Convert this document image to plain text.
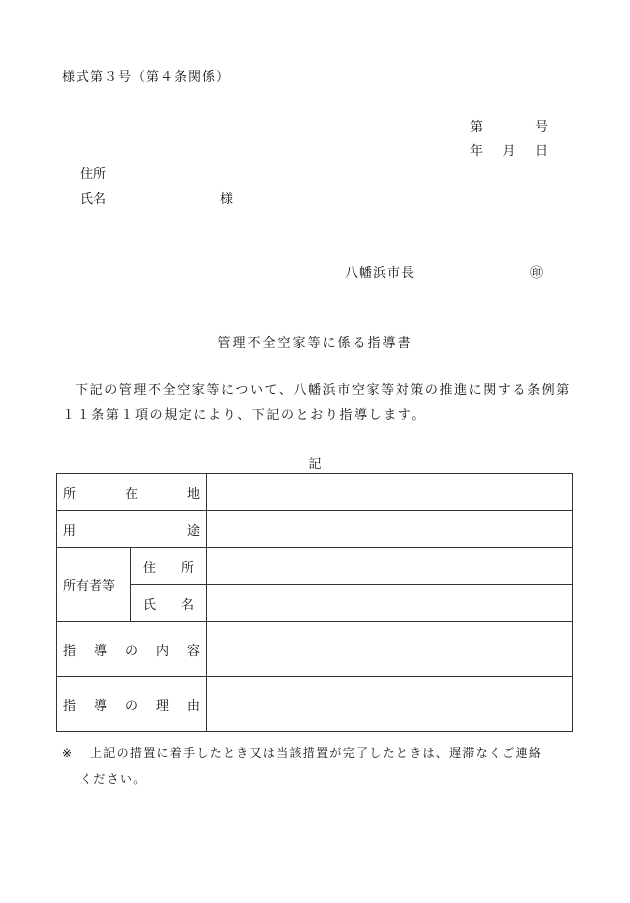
様式第３号（第４条関係）
第	号
年 月 日
住所
氏名	様
八幡浜市長	㊞
管理不全空家等に係る指導書
下記の管理不全空家等について、八幡浜市空家等対策の推進に関する条例第１１条第１項の規定により、下記のとおり指導します。
記
所 在 地		

用 途		

所有者等	住 所	

	氏 名	

指 導 の 内 容		

指 導 の 理 由		

※ 上記の措置に着手したとき又は当該措置が完了したときは、遅滞なくご連絡
ください。
